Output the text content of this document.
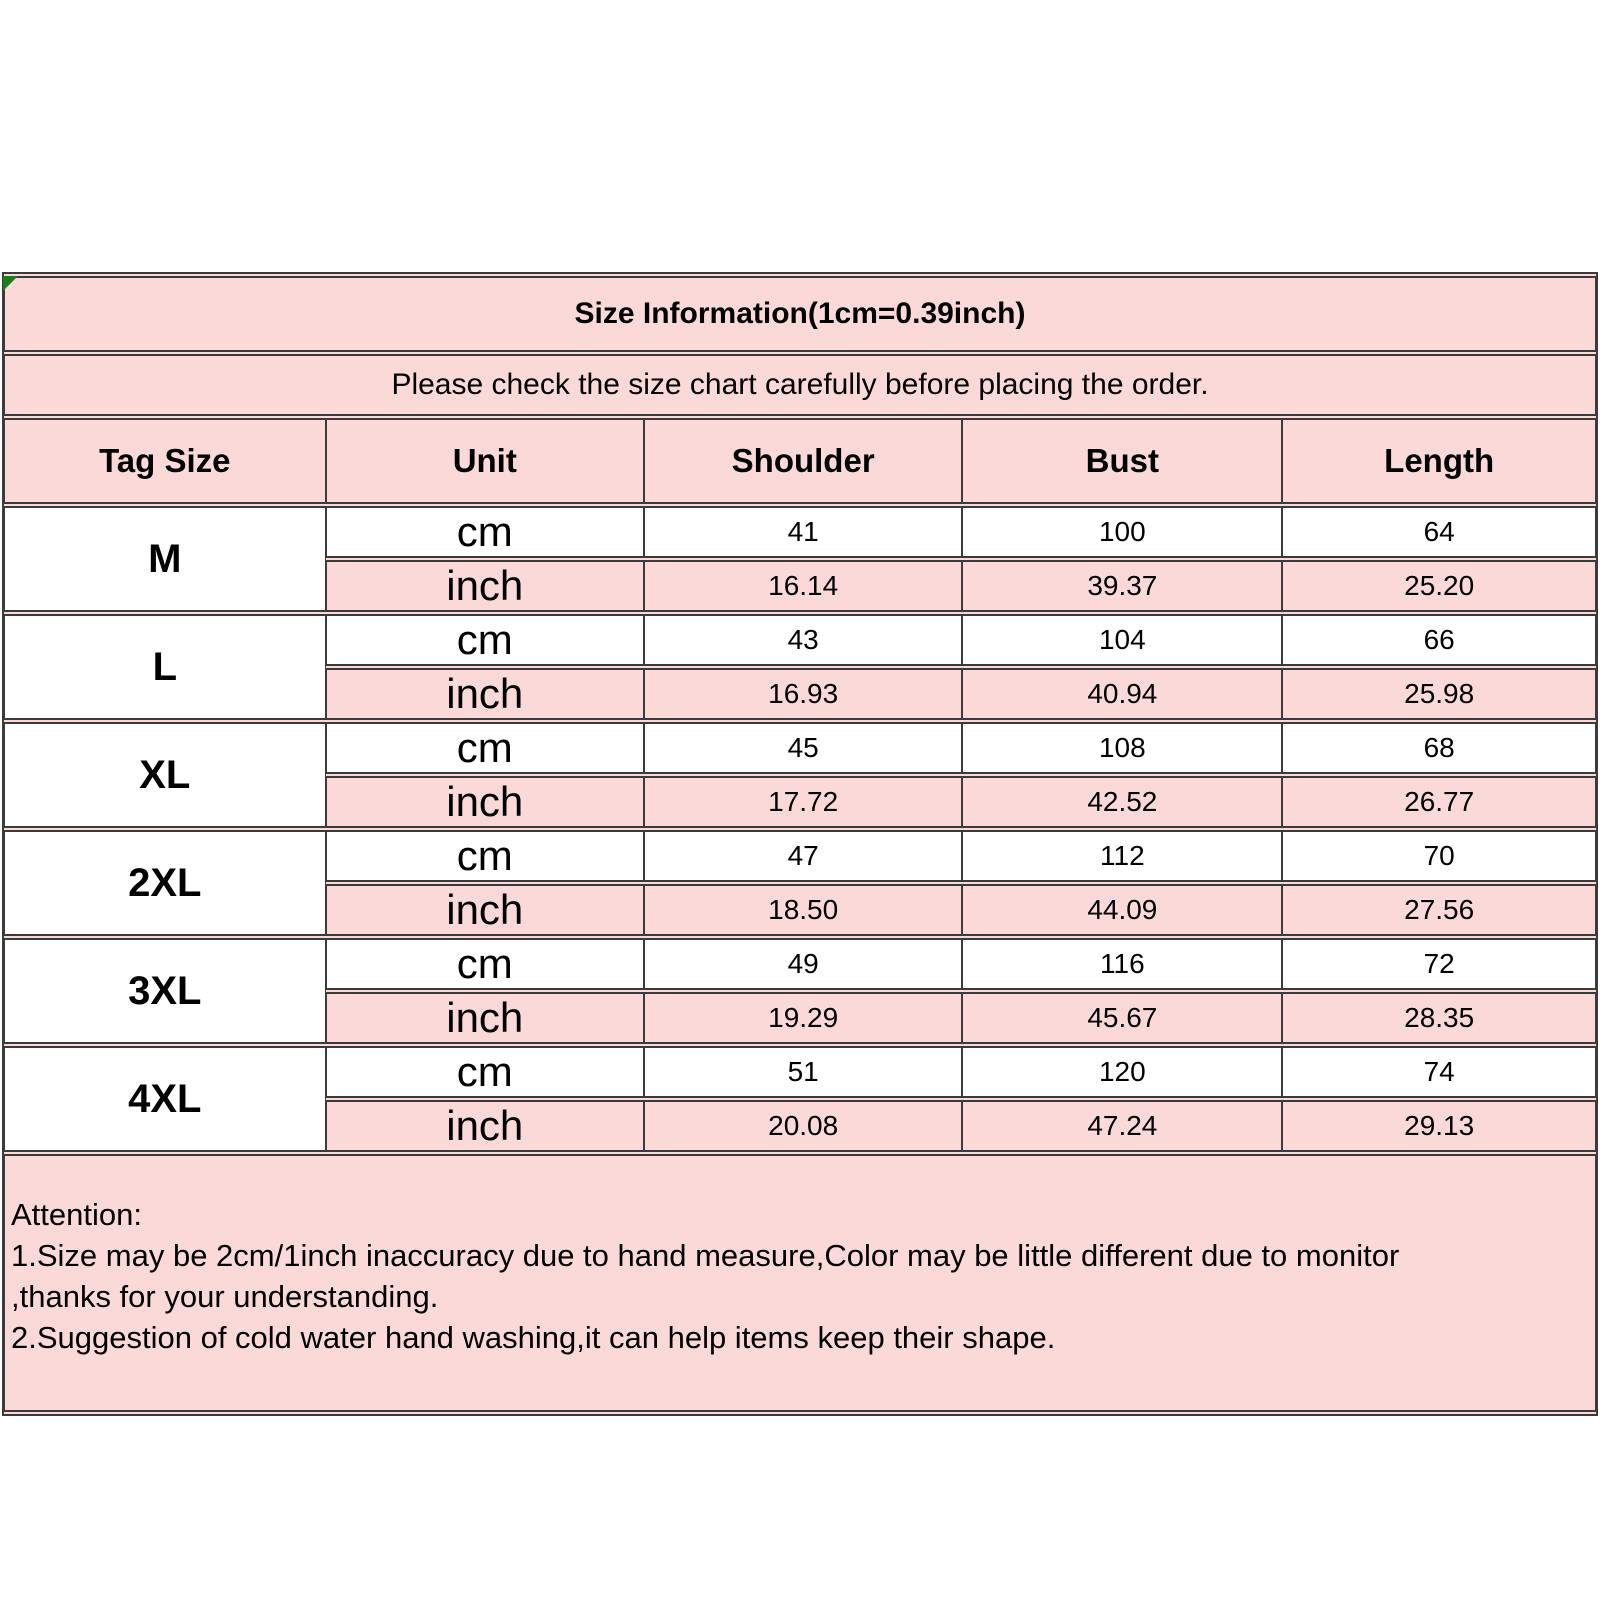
Size Information(1cm=0.39inch)				
Please check the size chart carefully before placing the order.				
Tag Size	Unit	Shoulder	Bust	Length
M	cm	41	100	64
	inch	16.14	39.37	25.20
L	cm	43	104	66
	inch	16.93	40.94	25.98
XL	cm	45	108	68
	inch	17.72	42.52	26.77
2XL	cm	47	112	70
	inch	18.50	44.09	27.56
3XL	cm	49	116	72
	inch	19.29	45.67	28.35
4XL	cm	51	120	74
	inch	20.08	47.24	29.13

Attention:
1.Size may be 2cm/1inch inaccuracy due to hand measure,Color may be little different due to monitor
,thanks for your understanding.
2.Suggestion of cold water hand washing,it can help items keep their shape.				
